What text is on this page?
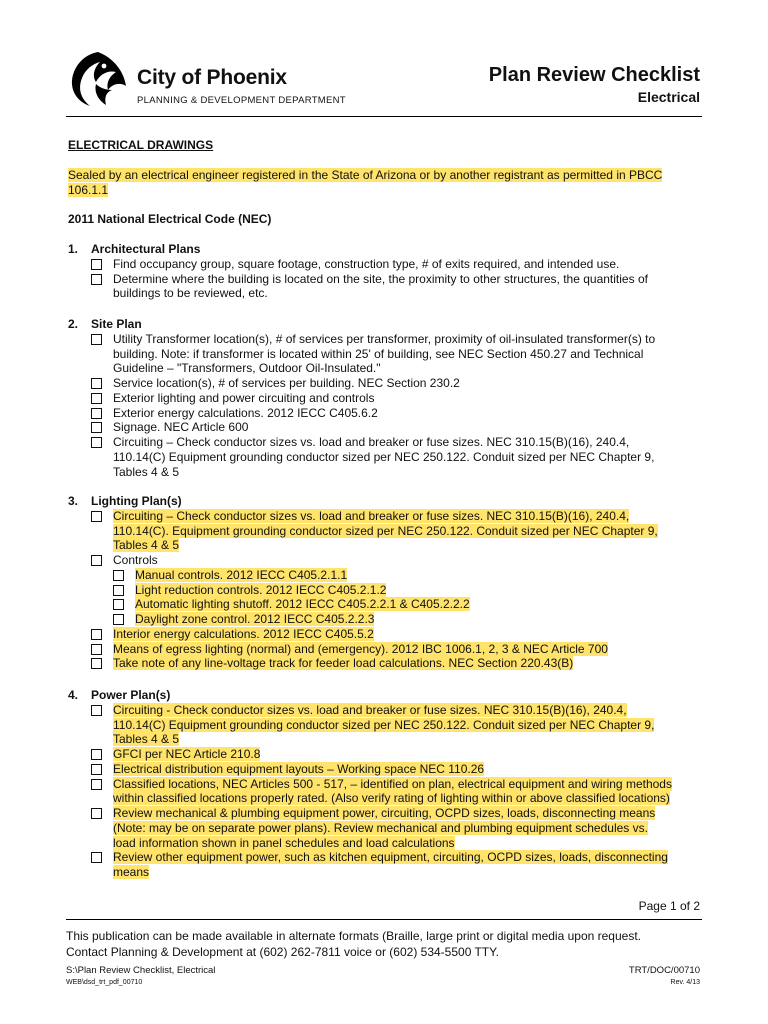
City of Phoenix
PLANNING & DEVELOPMENT DEPARTMENT
Plan Review Checklist
Electrical
ELECTRICAL DRAWINGS
Sealed by an electrical engineer registered in the State of Arizona or by another registrant as permitted in PBCC
106.1.1
2011 National Electrical Code (NEC)
1. Architectural Plans
Find occupancy group, square footage, construction type, # of exits required, and intended use.
Determine where the building is located on the site, the proximity to other structures, the quantities of
buildings to be reviewed, etc.
2. Site Plan
Utility Transformer location(s), # of services per transformer, proximity of oil-insulated transformer(s) to
building. Note: if transformer is located within 25' of building, see NEC Section 450.27 and Technical
Guideline – "Transformers, Outdoor Oil-Insulated."
Service location(s), # of services per building. NEC Section 230.2
Exterior lighting and power circuiting and controls
Exterior energy calculations. 2012 IECC C405.6.2
Signage. NEC Article 600
Circuiting – Check conductor sizes vs. load and breaker or fuse sizes. NEC 310.15(B)(16), 240.4,
110.14(C) Equipment grounding conductor sized per NEC 250.122. Conduit sized per NEC Chapter 9,
Tables 4 & 5
3. Lighting Plan(s)
Circuiting – Check conductor sizes vs. load and breaker or fuse sizes. NEC 310.15(B)(16), 240.4,
110.14(C). Equipment grounding conductor sized per NEC 250.122. Conduit sized per NEC Chapter 9,
Tables 4 & 5
Controls
Manual controls. 2012 IECC C405.2.1.1
Light reduction controls. 2012 IECC C405.2.1.2
Automatic lighting shutoff. 2012 IECC C405.2.2.1 & C405.2.2.2
Daylight zone control. 2012 IECC C405.2.2.3
Interior energy calculations. 2012 IECC C405.5.2
Means of egress lighting (normal) and (emergency). 2012 IBC 1006.1, 2, 3 & NEC Article 700
Take note of any line-voltage track for feeder load calculations. NEC Section 220.43(B)
4. Power Plan(s)
Circuiting - Check conductor sizes vs. load and breaker or fuse sizes. NEC 310.15(B)(16), 240.4,
110.14(C) Equipment grounding conductor sized per NEC 250.122. Conduit sized per NEC Chapter 9,
Tables 4 & 5
GFCI per NEC Article 210.8
Electrical distribution equipment layouts – Working space NEC 110.26
Classified locations, NEC Articles 500 - 517, – identified on plan, electrical equipment and wiring methods
within classified locations properly rated. (Also verify rating of lighting within or above classified locations)
Review mechanical & plumbing equipment power, circuiting, OCPD sizes, loads, disconnecting means
(Note: may be on separate power plans). Review mechanical and plumbing equipment schedules vs.
load information shown in panel schedules and load calculations
Review other equipment power, such as kitchen equipment, circuiting, OCPD sizes, loads, disconnecting
means
Page 1 of 2
This publication can be made available in alternate formats (Braille, large print or digital media upon request.
Contact Planning & Development at (602) 262-7811 voice or (602) 534-5500 TTY.
S:\Plan Review Checklist, Electrical
WEB\dsd_trt_pdf_00710
TRT/DOC/00710
Rev. 4/13
